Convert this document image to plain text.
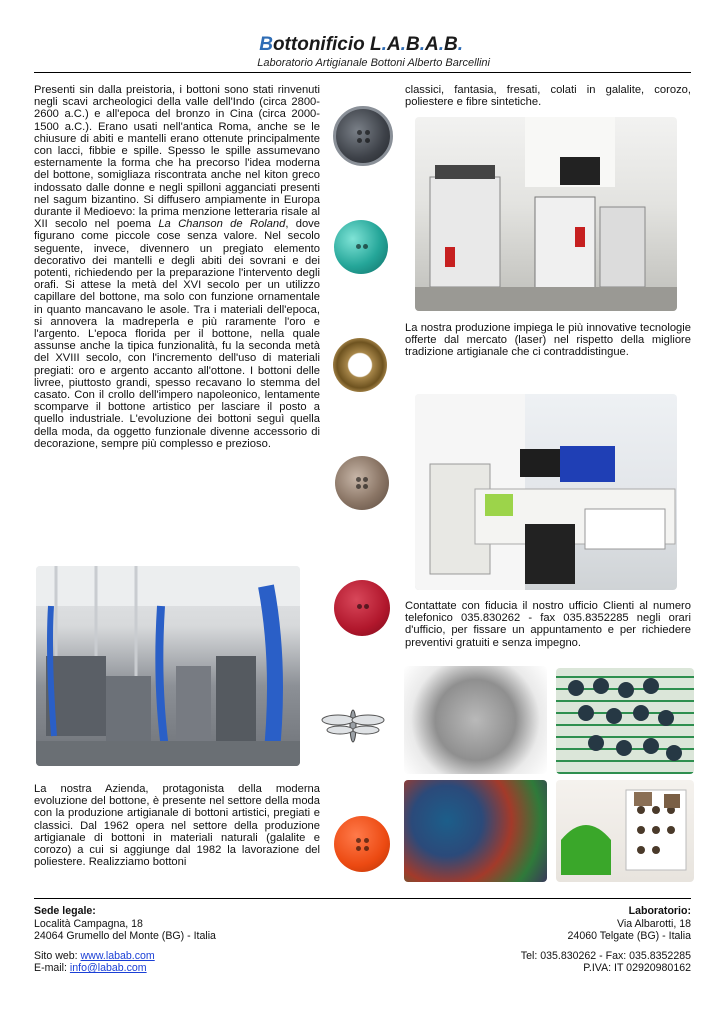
Bottonificio L.A.B.A.B.
Laboratorio Artigianale Bottoni Alberto Barcellini

Presenti sin dalla preistoria, i bottoni sono stati rinvenuti negli scavi archeologici della valle dell'Indo (circa 2800-2600 a.C.) e all'epoca del bronzo in Cina (circa 2000-1500 a.C.). Erano usati nell'antica Roma, anche se le chiusure di abiti e mantelli erano ottenute principalmente con lacci, fibbie e spille. Spesso le spille assumevano esternamente la forma che ha precorso l'idea moderna del bottone, somigliaza riscontrata anche nel kiton greco indossato dalle donne e negli spilloni agganciati presenti nel sagum bizantino. Si diffusero ampiamente in Europa durante il Medioevo: la prima menzione letteraria risale al XII secolo nel poema La Chanson de Roland, dove figurano come piccole cose senza valore. Nel secolo seguente, invece, divennero un pregiato elemento decorativo dei mantelli e degli abiti dei sovrani e dei potenti, richiedendo per la preparazione l'intervento degli orafi. Si attese la metà del XVI secolo per un utilizzo capillare del bottone, ma solo con funzione ornamentale in quanto mancavano le asole. Tra i materiali dell'epoca, si annovera la madreperla e più raramente l'oro e l'argento. L'epoca florida per il bottone, nella quale assunse anche la tipica funzionalità, fu la seconda metà del XVIII secolo, con l'incremento dell'uso di materiali pregiati: oro e argento accanto all'ottone. I bottoni delle livree, piuttosto grandi, spesso recavano lo stemma del casato. Con il crollo dell'impero napoleonico, lentamente scomparve il bottone artistico per lasciare il posto a quello industriale. L'evoluzione dei bottoni seguì quella della moda, da oggetto funzionale divenne accessorio di decorazione, sempre più complesso e prezioso.

La nostra Azienda, protagonista della moderna evoluzione del bottone, è presente nel settore della moda con la produzione artigianale di bottoni artistici, pregiati e classici. Dal 1962 opera nel settore della produzione artigianale di bottoni in materiali naturali (galalite e corozo) a cui si aggiunge dal 1982 la lavorazione del poliestere. Realizziamo bottoni

classici, fantasia, fresati, colati in galalite, corozo, poliestere e fibre sintetiche.

La nostra produzione impiega le più innovative tecnologie offerte dal mercato (laser) nel rispetto della migliore tradizione artigianale che ci contraddistingue.

Contattate con fiducia il nostro ufficio Clienti al numero telefonico 035.830262 - fax 035.8352285 negli orari d'ufficio, per fissare un appuntamento e per richiedere preventivi gratuiti e senza impegno.

Sede legale:
Località Campagna, 18
24064 Grumello del Monte (BG) - Italia
Sito web: www.labab.com
E-mail: info@labab.com
Laboratorio:
Via Albarotti, 18
24060 Telgate (BG) - Italia
Tel: 035.830262 - Fax: 035.8352285
P.IVA: IT 02920980162
